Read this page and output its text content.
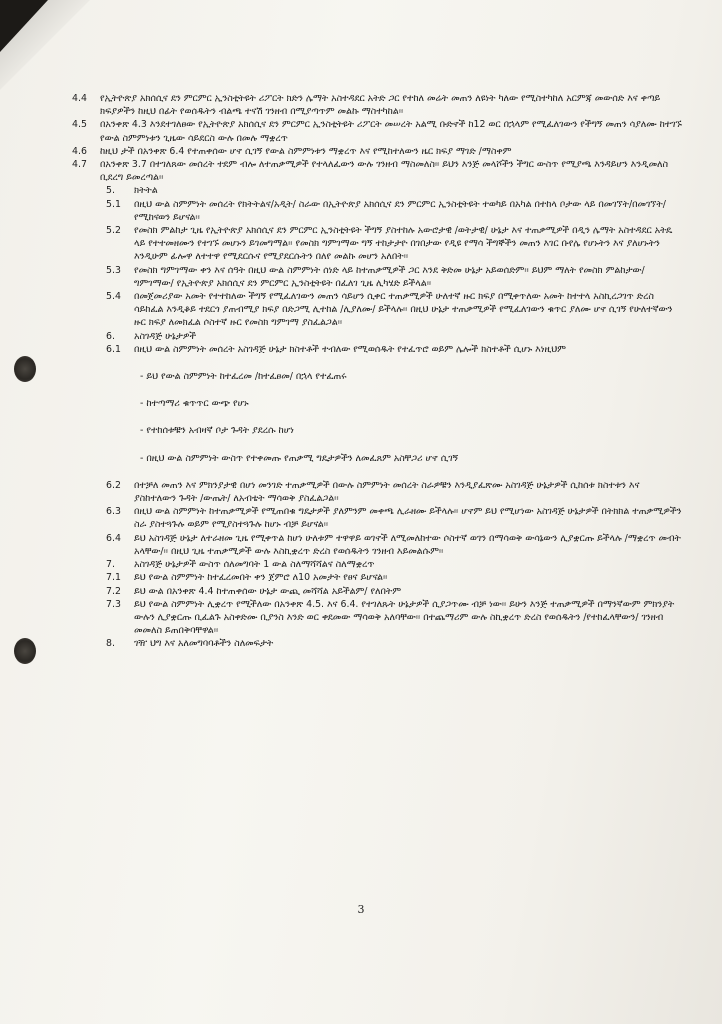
4.4 የኢትዮጵያ አክሰሲና ደን ምርምር ኢንስቲትዩት ሪፖርት ክድን ሌማት አስተዳደር አትድ ጋር የተከለ መሬት መጠን ለዩነት ካለው የሚስተካከለ አርምጃ መውሰድ እና ቀጣይ ክፍያዎችን ከዚህ በፊት የወሰዱትን ብልጫ ተናሽ ገንዘብ በሚያጣጥም መልኩ ማስተካከል፡፡
4.5 በአንቀጽ 4.3 እንደተገለፀው የኢትዮጵያ አክሰሲና ደን ምርምር ኢንስቲትዩት ሪፖርት መሠረት አልሚ ቡድኖች ከ12 ወር በኋላም የሚፈለገውን የችግኝ መጠን ሳያለሙ ከተገኙ የውል ስምምነቱን ጊዜው ሳይደርስ ውሉ በመሉ ማቋረጥ
4.6 ከዚህ ታች በአንቀጽ 6.4 የተጠቀሰው ሆኖ ሲገኝ የውል ስምምነቱን ማቋረጥ እና የሚከተለውን ዜር ክፍያ ማገድ /ማስቀም
4.7 በአንቀጽ 3.7 በተገለጸው መሰረት ተደም ብሎ ለተጠቃሚዎች የተላለፈውን ውሉ ገንዘብ ማስመለስ፡፡ ይህን እንጅ መላሾችን ችግር ውስጥ የሚያጫ እንዳይሆን እንዲመለስ ቢደረግ ይመረጣል፡፡
5. ክትትል
5.1 በዚህ ውል ስምምነት መሰረት የክትትልና/አዲት/ ስራው በኢትዮጵያ አክሰሲና ደን ምርምር ኢንስቲትዩት ተወካይ በአካል በተከላ ቦታው ላይ በመገኘት/በመገኘት/ የሚከናወን ይሆናል፡፡
5.2 የመስክ ምልከታ ጊዜ የኢትዮጵያ አክሰሲና ደን ምርምር ኢንስቲትዩት ችግኝ ያስተከሉ አውሮታዊ /ወትታዊ/ ሁኔታ እና ተጠቃሚዎች በዲን ሌማት አስተዳደር አትዴ ላይ የተተመዘሙን የተገኙ መሆኑን ይገመግማል፡፡ የመስክ ግምገማው ግኝ ተከታታዮ በገበታው የዲዩ የማሳ ችግኞችን መጠን እገር ቡየሌ የሆኑትን እና ያለሆኑትን እንዲሁም ፊሎዋ ለተተዋ የሚደርሱና የሚያደርሱትን በለየ መልኩ መሆን አለበት፡፡
5.3 የመስክ ግምገማው ቀን እና ሰዓት በዚህ ውል ስምምነት ሰነድ ላይ ከተጠቃሚዎች ጋር እንደ ቅድመ ሁኔታ አይወሰድም፡፡ ይህም ማለት የመስክ ምልከታው/ግምገማው/ የኢትዮጵያ አክሰሲና ደን ምርምር ኢንስቲትዩት በፈለገ ጊዜ ሊካሄድ ይችላል፡፡
5.4 በመጀመሪያው አመት የተተከለው ችግኝ የሚፈለገውን መጠን ሳይሆን ሲቀር ተጠቃሚዎች ሁለተኛ ዙር ክፍያ በሚቀጥለው አመት ከተተላ አስኪረጋገጥ ድረስ ሳይከፈል እንዲቆይ ተደርጎ ያጠብሚያ ክፍያ በድጋሚ ሊተከል /ሊያለሙ/ ይችላሉ፡፡ በዚህ ሁኔታ ተጠቃሚዎች የሚፈለገውን ቁጥር ያለሙ ሆኖ ሲገኝ የሁለተኛውን ዙር ክፍያ ለመክፈል ሶስተኛ ዙር የመስክ ግምገማ ያስፈልጋል፡፡
6. አስገዳጅ ሁኔታዎች
6.1 በዚህ ውል ስምምነት መሰረት አስገዳጅ ሁኔታ ክስተቶች ተብለው የሚወሰዱት የተፈጥሮ ወይም ሌሎች ክስተቶች ሲሆኑ እነዚህም
- ይህ የውል ስምምነት ከተፈረመ /ከተፈፀመ/ በኋላ የተፈጠሩ
- ከተጣማሪ ቁጥጥር ውጭ የሆኑ
- የተከሰቱቹን አብዛኛ ቦታ ጉዳት ያደረሱ ከሆነ
- በዚህ ውል ስምምነት ውስጥ የተቀመጡ የጠቃሚ ግዴታዎችን ለመፈጸም አስቸጋሪ ሆኖ ሲገኝ
6.2 በተቻለ መጠን እና ምክንያታዊ በሆነ መንገድ ተጠቃሚዎች በውሉ ስምምነት መሰረት ስራዎቹን እንዲያፈጽሙ አስገዳጅ ሁኔታዎች ሲከሰቱ ክስተቱን እና ያስከተለውን ጉዳት /ውጤት/ ለአብቴት ማሳወቅ ያስፈልጋል፡፡
6.3 በዚህ ውል ስምምነት ከተጠቃሚዎች የሚጠበቁ ግዴታዎች ያለምንም መቀጫ ሊራዘሙ ይችላሉ፡፡ ሆኖም ይህ የሚሆነው አስገዳጅ ሁኔታዎች በትክክል ተጠቃሚዎችን ስራ ያስተጓጉሉ ወይም የሚያስተጓጉሉ ከሆኑ ብቻ ይሆናል፡፡
6.4 ይህ አስገዳጅ ሁኔታ ለተራዘመ ጊዜ የሚቀጥል ከሆነ ሁለቱም ተዋዋይ ወገኖች ለሚመለከተው ሶስተኛ ወገን በማሳወቅ ውሳኔውን ሊያቋርጡ ይችላሉ /ማቋረጥ መብት አላቸው/፡፡ በዚህ ጊዜ ተጠቃሚዎች ውሉ እስኪቋረጥ ድረስ የወሰዱትን ገንዘብ እይመልሱም፡፡
7. አስገዳጅ ሁኔታዎች ውስጥ ሰለመግባት 1 ውል ስለማሻሻልና ስለማቋረጥ
7.1 ይህ የውል ስምምነት ከተፈረመበት ቀን ጀምሮ ለ10 አመታት የፀና ይሆናል፡፡
7.2 ይህ ውል በአንቀጽ 4.4 ከተጠቀሰው ሁኔታ ውጪ መሻሻል አይችልም/ የለበትም
7.3 ይህ የውል ስምምነት ሊቋረጥ የሚችለው በአንቀጽ 4.5. እና 6.4. የተገለጹት ሁኔታዎች ሲያጋጥሙ ብቻ ነው፡፡ ይሁን እንጅ ተጠቃሚዎች በማንኛውም ምክንያት ውሉን ሊያቋርጡ ቢፈልጉ አስቀድሙ ቢያንስ እንድ ወር ቀደመው ማሳወቅ አለባቸው፡፡ በተጨማሪም ውሉ ስኪቋረጥ ድረስ የወሰዱትን /የተከፈላቸውን/ ገንዘብ መመለስ ይጠበቅባቸዋል፡፡
8. ገዥ ህግ እና አለመግባባቶችን ስለመፍታት
3
